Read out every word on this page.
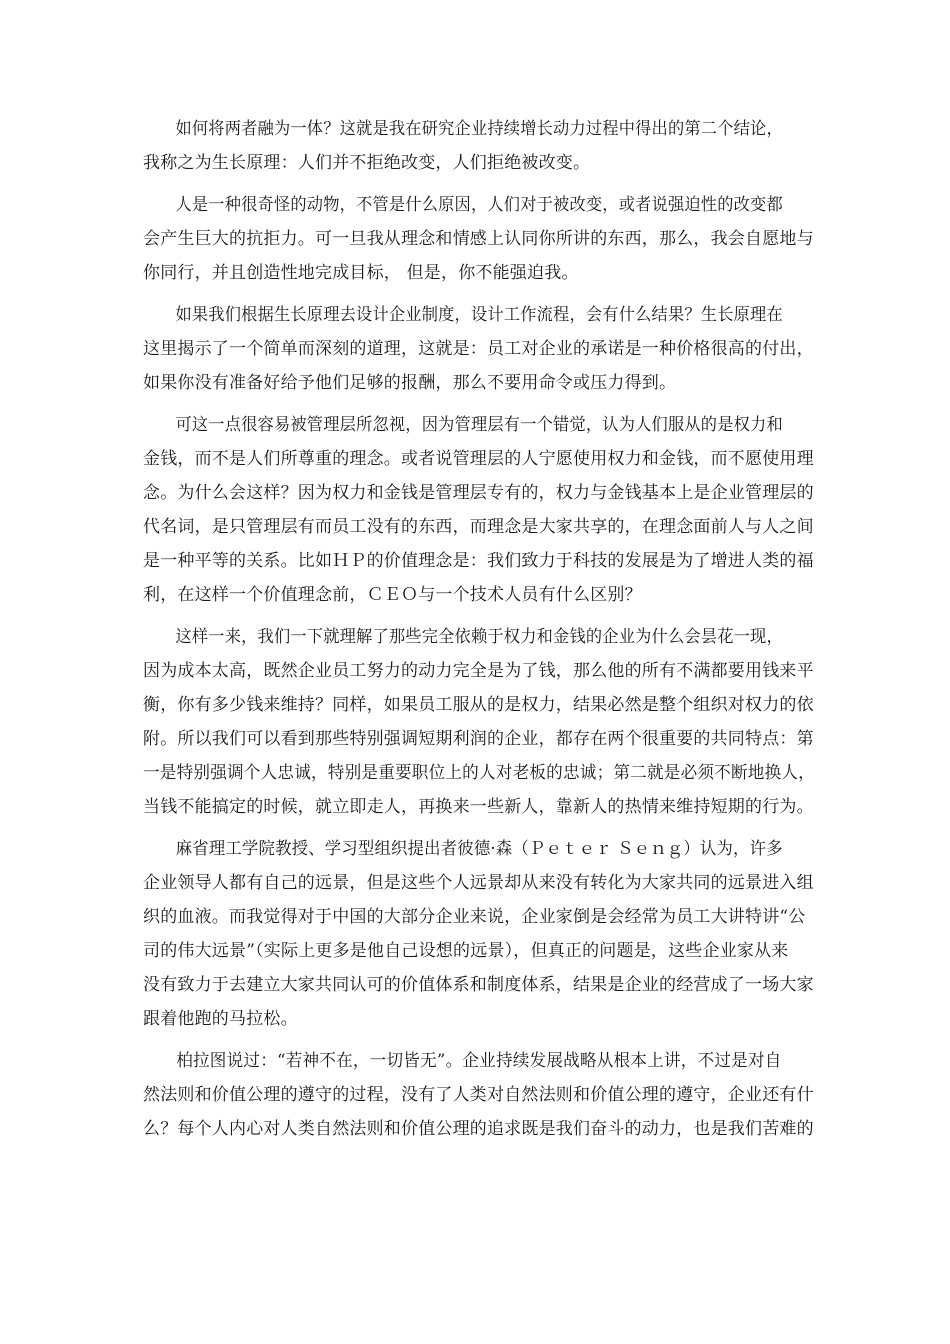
如何将两者融为一体？这就是我在研究企业持续增长动力过程中得出的第二个结论，
我称之为生长原理：人们并不拒绝改变，人们拒绝被改变。

人是一种很奇怪的动物，不管是什么原因，人们对于被改变，或者说强迫性的改变都
会产生巨大的抗拒力。可一旦我从理念和情感上认同你所讲的东西，那么，我会自愿地与
你同行，并且创造性地完成目标， 但是，你不能强迫我。

如果我们根据生长原理去设计企业制度，设计工作流程，会有什么结果？生长原理在
这里揭示了一个简单而深刻的道理，这就是：员工对企业的承诺是一种价格很高的付出，
如果你没有准备好给予他们足够的报酬，那么不要用命令或压力得到。

可这一点很容易被管理层所忽视，因为管理层有一个错觉，认为人们服从的是权力和
金钱，而不是人们所尊重的理念。或者说管理层的人宁愿使用权力和金钱，而不愿使用理
念。为什么会这样？因为权力和金钱是管理层专有的，权力与金钱基本上是企业管理层的
代名词，是只管理层有而员工没有的东西，而理念是大家共享的，在理念面前人与人之间
是一种平等的关系。比如ＨＰ的价值理念是：我们致力于科技的发展是为了增进人类的福
利，在这样一个价值理念前，ＣＥＯ与一个技术人员有什么区别？

这样一来，我们一下就理解了那些完全依赖于权力和金钱的企业为什么会昙花一现，
因为成本太高，既然企业员工努力的动力完全是为了钱，那么他的所有不满都要用钱来平
衡，你有多少钱来维持？同样，如果员工服从的是权力，结果必然是整个组织对权力的依
附。所以我们可以看到那些特别强调短期利润的企业，都存在两个很重要的共同特点：第
一是特别强调个人忠诚，特别是重要职位上的人对老板的忠诚；第二就是必须不断地换人，
当钱不能搞定的时候，就立即走人，再换来一些新人，靠新人的热情来维持短期的行为。

麻省理工学院教授、学习型组织提出者彼德·森（Ｐｅｔｅｒ Ｓｅｎｇ）认为，许多
企业领导人都有自己的远景，但是这些个人远景却从来没有转化为大家共同的远景进入组
织的血液。而我觉得对于中国的大部分企业来说，企业家倒是会经常为员工大讲特讲“公
司的伟大远景”（实际上更多是他自己设想的远景），但真正的问题是，这些企业家从来
没有致力于去建立大家共同认可的价值体系和制度体系，结果是企业的经营成了一场大家
跟着他跑的马拉松。

柏拉图说过：“若神不在，一切皆无”。企业持续发展战略从根本上讲，不过是对自
然法则和价值公理的遵守的过程，没有了人类对自然法则和价值公理的遵守，企业还有什
么？每个人内心对人类自然法则和价值公理的追求既是我们奋斗的动力，也是我们苦难的
